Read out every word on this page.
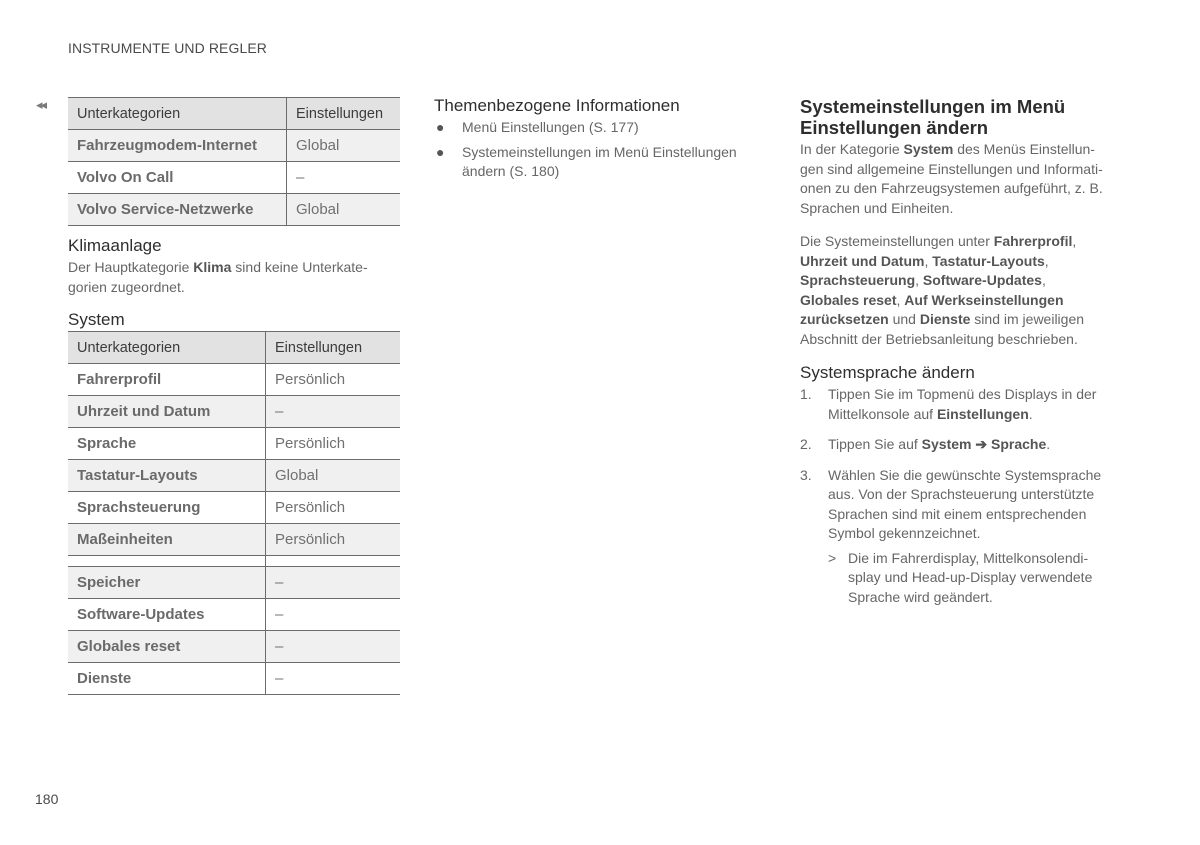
INSTRUMENTE UND REGLER
◂◂
Unterkategorien	Einstellungen
Fahrzeugmodem-Internet	Global
Volvo On Call	–
Volvo Service-Netzwerke	Global
Klimaanlage
Der Hauptkategorie Klima sind keine Unterkate-
gorien zugeordnet.
System
Unterkategorien	Einstellungen
Fahrerprofil	Persönlich
Uhrzeit und Datum	–
Sprache	Persönlich
Tastatur-Layouts	Global
Sprachsteuerung	Persönlich
Maßeinheiten	Persönlich

Speicher	–
Software-Updates	–
Globales reset	–
Dienste	–
Themenbezogene Informationen
● Menü Einstellungen (S. 177)
● Systemeinstellungen im Menü Einstellungen ändern (S. 180)
Systemeinstellungen im Menü
Einstellungen ändern
In der Kategorie System des Menüs Einstellun-
gen sind allgemeine Einstellungen und Informati-
onen zu den Fahrzeugsystemen aufgeführt, z. B.
Sprachen und Einheiten.
Die Systemeinstellungen unter Fahrerprofil,
Uhrzeit und Datum, Tastatur-Layouts,
Sprachsteuerung, Software-Updates,
Globales reset, Auf Werkseinstellungen
zurücksetzen und Dienste sind im jeweiligen
Abschnitt der Betriebsanleitung beschrieben.
Systemsprache ändern
1. Tippen Sie im Topmenü des Displays in der
Mittelkonsole auf Einstellungen.
2. Tippen Sie auf System ➔ Sprache.
3. Wählen Sie die gewünschte Systemsprache
aus. Von der Sprachsteuerung unterstützte
Sprachen sind mit einem entsprechenden
Symbol gekennzeichnet.
> Die im Fahrerdisplay, Mittelkonsolendi-
splay und Head-up-Display verwendete
Sprache wird geändert.
180
